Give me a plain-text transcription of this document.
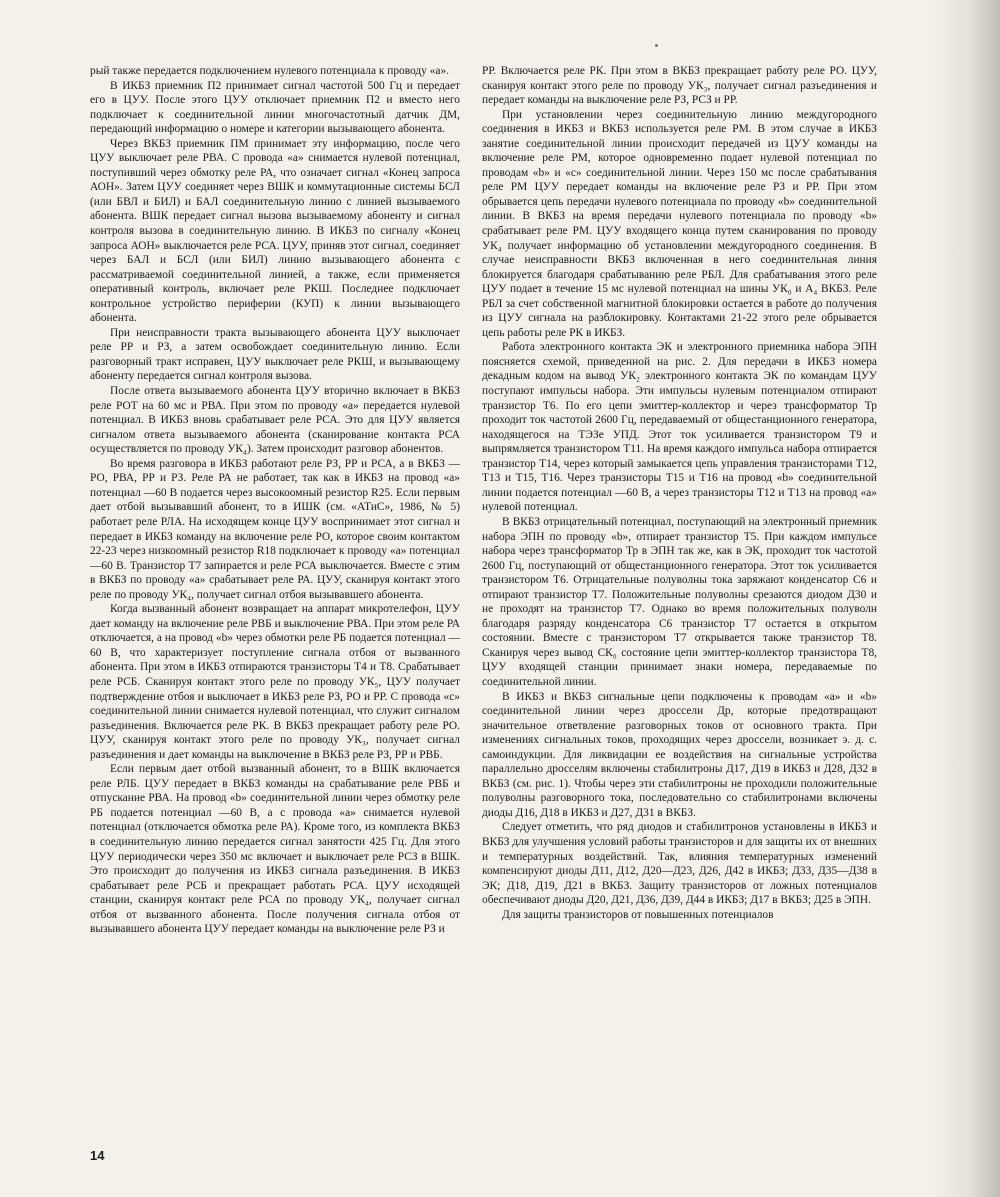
рый также передается подключением нулевого потенциала к проводу «а».

В ИКБЗ приемник П2 принимает сигнал частотой 500 Гц и передает его в ЦУУ. После этого ЦУУ отключает приемник П2 и вместо него подключает к соединительной линии многочастотный датчик ДМ, передающий информацию о номере и категории вызывающего абонента.

Через ВКБЗ приемник ПМ принимает эту информацию, после чего ЦУУ выключает реле РВА. С провода «а» снимается нулевой потенциал, поступивший через обмотку реле РА, что означает сигнал «Конец запроса АОН». Затем ЦУУ соединяет через ВШК и коммутационные системы БСЛ (или БВЛ и БИЛ) и БАЛ соединительную линию с линией вызываемого абонента. ВШК передает сигнал вызова вызываемому абоненту и сигнал контроля вызова в соединительную линию. В ИКБЗ по сигналу «Конец запроса АОН» выключается реле РСА. ЦУУ, приняв этот сигнал, соединяет через БАЛ и БСЛ (или БИЛ) линию вызывающего абонента с рассматриваемой соединительной линией, а также, если применяется оперативный контроль, включает реле РКШ. Последнее подключает контрольное устройство периферии (КУП) к линии вызывающего абонента.

При неисправности тракта вызывающего абонента ЦУУ выключает реле РР и РЗ, а затем освобождает соединительную линию. Если разговорный тракт исправен, ЦУУ выключает реле РКШ, и вызывающему абоненту передается сигнал контроля вызова.

После ответа вызываемого абонента ЦУУ вторично включает в ВКБЗ реле РОТ на 60 мс и РВА. При этом по проводу «а» передается нулевой потенциал. В ИКБЗ вновь срабатывает реле РСА. Это для ЦУУ является сигналом ответа вызываемого абонента (сканирование контакта РСА осуществляется по проводу УК₄). Затем происходит разговор абонентов.

Во время разговора в ИКБЗ работают реле РЗ, РР и РСА, а в ВКБЗ — РО, РВА, РР и РЗ. Реле РА не работает, так как в ИКБЗ на провод «а» потенциал —60 В подается через высокоомный резистор R25. Если первым дает отбой вызывавший абонент, то в ИШК (см. «АТиС», 1986, № 5) работает реле РЛА. На исходящем конце ЦУУ воспринимает этот сигнал и передает в ИКБЗ команду на включение реле РО, которое своим контактом 22-23 через низкоомный резистор R18 подключает к проводу «а» потенциал —60 В. Транзистор Т7 запирается и реле РСА выключается. Вместе с этим в ВКБЗ по проводу «а» срабатывает реле РА. ЦУУ, сканируя контакт этого реле по проводу УК₄, получает сигнал отбоя вызывавшего абонента.

Когда вызванный абонент возвращает на аппарат микротелефон, ЦУУ дает команду на включение реле РВБ и выключение РВА. При этом реле РА отключается, а на провод «b» через обмотки реле РБ подается потенциал —60 В, что характеризует поступление сигнала отбоя от вызванного абонента. При этом в ИКБЗ отпираются транзисторы Т4 и Т8. Срабатывает реле РСБ. Сканируя контакт этого реле по проводу УК₅, ЦУУ получает подтверждение отбоя и выключает в ИКБЗ реле РЗ, РО и РР. С провода «с» соединительной линии снимается нулевой потенциал, что служит сигналом разъединения. Включается реле РК. В ВКБЗ прекращает работу реле РО. ЦУУ, сканируя контакт этого реле по проводу УК₃, получает сигнал разъединения и дает команды на выключение в ВКБЗ реле РЗ, РР и РВБ.

Если первым дает отбой вызванный абонент, то в ВШК включается реле РЛБ. ЦУУ передает в ВКБЗ команды на срабатывание реле РВБ и отпускание РВА. На провод «b» соединительной линии через обмотку реле РБ подается потенциал —60 В, а с провода «а» снимается нулевой потенциал (отключается обмотка реле РА). Кроме того, из комплекта ВКБЗ в соединительную линию передается сигнал занятости 425 Гц. Для этого ЦУУ периодически через 350 мс включает и выключает реле РСЗ в ВШК. Это происходит до получения из ИКБЗ сигнала разъединения. В ИКБЗ срабатывает реле РСБ и прекращает работать РСА. ЦУУ исходящей станции, сканируя контакт реле РСА по проводу УК₄, получает сигнал отбоя от вызванного абонента. После получения сигнала отбоя от вызывавшего абонента ЦУУ передает команды на выключение реле РЗ и

РР. Включается реле РК. При этом в ВКБЗ прекращает работу реле РО. ЦУУ, сканируя контакт этого реле по проводу УК₃, получает сигнал разъединения и передает команды на выключение реле РЗ, РСЗ и РР.

При установлении через соединительную линию междугородного соединения в ИКБЗ и ВКБЗ используется реле РМ. В этом случае в ИКБЗ занятие соединительной линии происходит передачей из ЦУУ команды на включение реле РМ, которое одновременно подает нулевой потенциал по проводам «b» и «с» соединительной линии. Через 150 мс после срабатывания реле РМ ЦУУ передает команды на включение реле РЗ и РР. При этом обрывается цепь передачи нулевого потенциала по проводу «b» соединительной линии. В ВКБЗ на время передачи нулевого потенциала по проводу «b» срабатывает реле РМ. ЦУУ входящего конца путем сканирования по проводу УК₄ получает информацию об установлении междугородного соединения. В случае неисправности ВКБЗ включенная в него соединительная линия блокируется благодаря срабатыванию реле РБЛ. Для срабатывания этого реле ЦУУ подает в течение 15 мс нулевой потенциал на шины УК₀ и А₄ ВКБЗ. Реле РБЛ за счет собственной магнитной блокировки остается в работе до получения из ЦУУ сигнала на разблокировку. Контактами 21-22 этого реле обрывается цепь работы реле РК в ИКБЗ.

Работа электронного контакта ЭК и электронного приемника набора ЭПН поясняется схемой, приведенной на рис. 2. Для передачи в ИКБЗ номера декадным кодом на вывод УК₂ электронного контакта ЭК по командам ЦУУ поступают импульсы набора. Эти импульсы нулевым потенциалом отпирают транзистор Т6. По его цепи эмиттер-коллектор и через трансформатор Тр проходит ток частотой 2600 Гц, передаваемый от общестанционного генератора, находящегося на ТЭЗе УПД. Этот ток усиливается транзистором Т9 и выпрямляется транзистором Т11. На время каждого импульса набора отпирается транзистор Т14, через который замыкается цепь управления транзисторами Т12, Т13 и Т15, Т16. Через транзисторы Т15 и Т16 на провод «b» соединительной линии подается потенциал —60 В, а через транзисторы Т12 и Т13 на провод «а» нулевой потенциал.

В ВКБЗ отрицательный потенциал, поступающий на электронный приемник набора ЭПН по проводу «b», отпирает транзистор Т5. При каждом импульсе набора через трансформатор Тр в ЭПН так же, как в ЭК, проходит ток частотой 2600 Гц, поступающий от общестанционного генератора. Этот ток усиливается транзистором Т6. Отрицательные полуволны тока заряжают конденсатор С6 и отпирают транзистор Т7. Положительные полуволны срезаются диодом Д30 и не проходят на транзистор Т7. Однако во время положительных полуволн благодаря разряду конденсатора С6 транзистор Т7 остается в открытом состоянии. Вместе с транзистором Т7 открывается также транзистор Т8. Сканируя через вывод СК₀ состояние цепи эмиттер-коллектор транзистора Т8, ЦУУ входящей станции принимает знаки номера, передаваемые по соединительной линии.

В ИКБЗ и ВКБЗ сигнальные цепи подключены к проводам «а» и «b» соединительной линии через дроссели Др, которые предотвращают значительное ответвление разговорных токов от основного тракта. При изменениях сигнальных токов, проходящих через дроссели, возникает э. д. с. самоиндукции. Для ликвидации ее воздействия на сигнальные устройства параллельно дросселям включены стабилитроны Д17, Д19 в ИКБЗ и Д28, Д32 в ВКБЗ (см. рис. 1). Чтобы через эти стабилитроны не проходили положительные полуволны разговорного тока, последовательно со стабилитронами включены диоды Д16, Д18 в ИКБЗ и Д27, Д31 в ВКБЗ.

Следует отметить, что ряд диодов и стабилитронов установлены в ИКБЗ и ВКБЗ для улучшения условий работы транзисторов и для защиты их от внешних и температурных воздействий. Так, влияния температурных изменений компенсируют диоды Д11, Д12, Д20—Д23, Д26, Д42 в ИКБЗ; Д33, Д35—Д38 в ЭК; Д18, Д19, Д21 в ВКБЗ. Защиту транзисторов от ложных потенциалов обеспечивают диоды Д20, Д21, Д36, Д39, Д44 в ИКБЗ; Д17 в ВКБЗ; Д25 в ЭПН.

Для защиты транзисторов от повышенных потенциалов

14
